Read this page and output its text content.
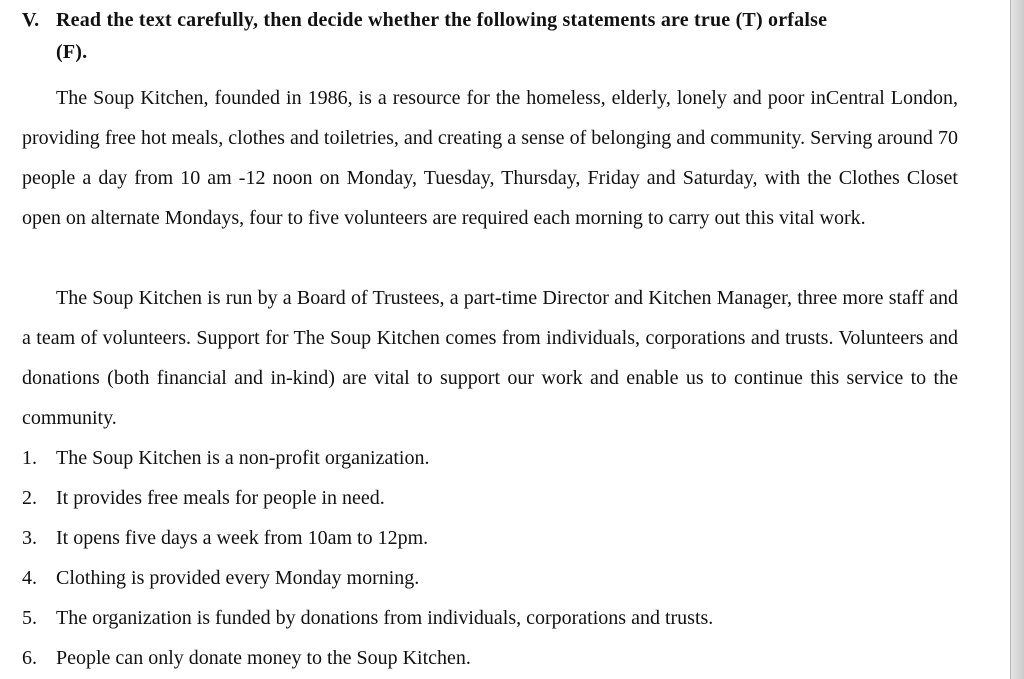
V. Read the text carefully, then decide whether the following statements are true (T) orfalse
(F).

The Soup Kitchen, founded in 1986, is a resource for the homeless, elderly, lonely and poor inCentral London, providing free hot meals, clothes and toiletries, and creating a sense of belonging and community. Serving around 70 people a day from 10 am -12 noon on Monday, Tuesday, Thursday, Friday and Saturday, with the Clothes Closet open on alternate Mondays, four to five volunteers are required each morning to carry out this vital work.

The Soup Kitchen is run by a Board of Trustees, a part-time Director and Kitchen Manager, three more staff and a team of volunteers. Support for The Soup Kitchen comes from individuals, corporations and trusts. Volunteers and donations (both financial and in-kind) are vital to support our work and enable us to continue this service to the community.

1. The Soup Kitchen is a non-profit organization.
2. It provides free meals for people in need.
3. It opens five days a week from 10am to 12pm.
4. Clothing is provided every Monday morning.
5. The organization is funded by donations from individuals, corporations and trusts.
6. People can only donate money to the Soup Kitchen.
